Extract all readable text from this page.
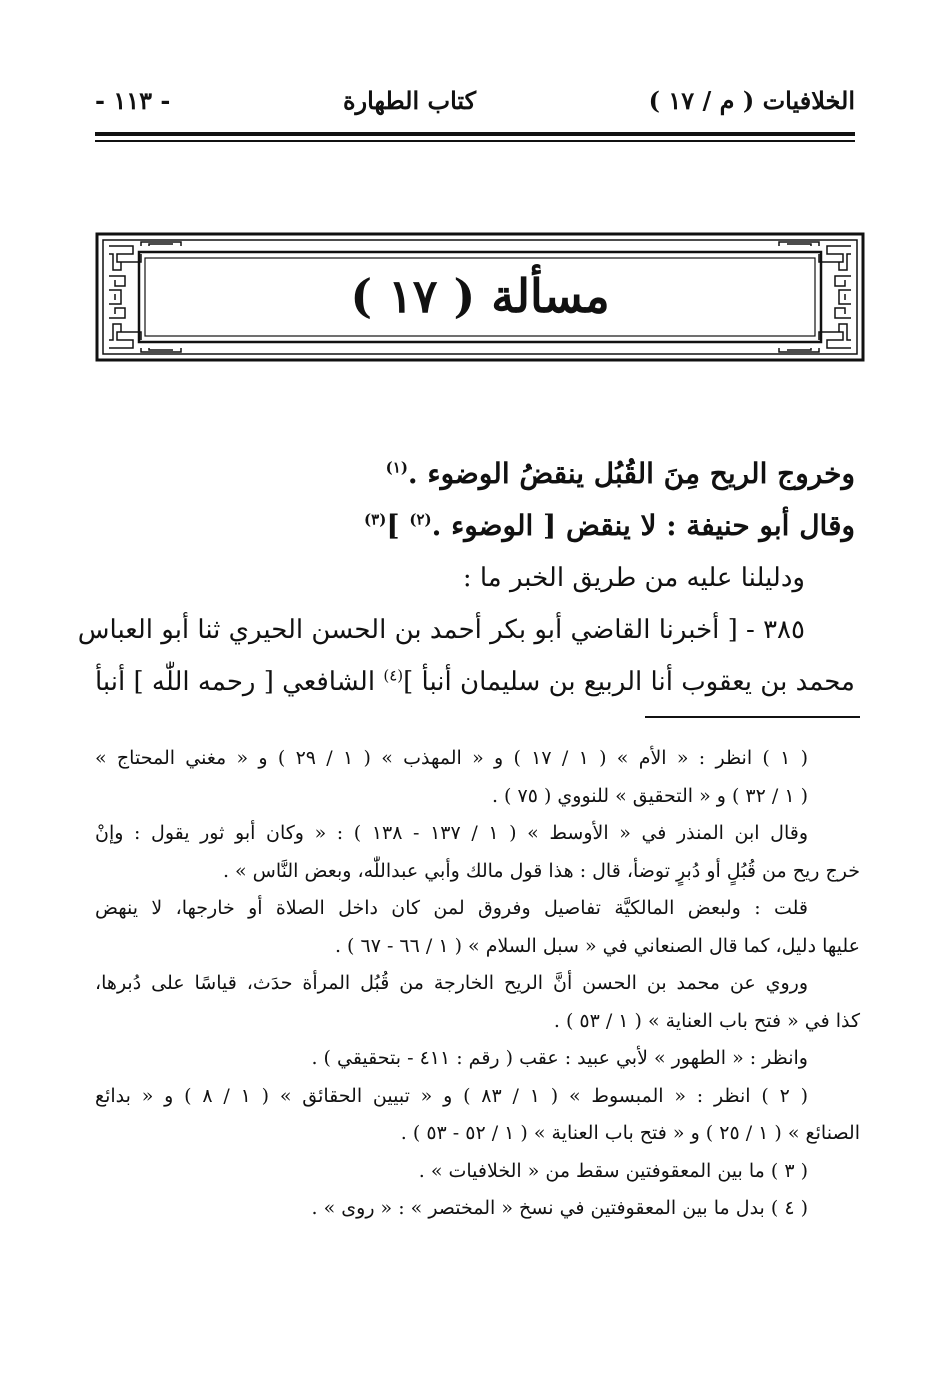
الخلافيات ( م / ١٧ )
كتاب الطهارة
- ١١٣ -
مسألة ( ١٧ )
وخروج الريح مِنَ القُبُل ينقضُ الوضوء .$^{(١)}$
وقال أبو حنيفة : لا ينقض [ الوضوء .$^{(٢)}$ ]$^{(٣)}$
ودليلنا عليه من طريق الخبر ما :
٣٨٥ - [ أخبرنا القاضي أبو بكر أحمد بن الحسن الحيري ثنا أبو العباس
محمد بن يعقوب أنا الربيع بن سليمان أنبأ ]$^{(٤)}$ الشافعي [ رحمه اللّٰه ] أنبأ
( ١ ) انظر : « الأم » ( ١ / ١٧ ) و « المهذب » ( ١ / ٢٩ ) و « مغني المحتاج »
( ١ / ٣٢ ) و « التحقيق » للنووي ( ٧٥ ) .
وقال ابن المنذر في « الأوسط » ( ١ / ١٣٧ - ١٣٨ ) : « وكان أبو ثور يقول : وإنْ
خرج ريح من قُبُلٍ أو دُبرٍ توضأ، قال : هذا قول مالك وأبي عبداللّٰه، وبعض النَّاس » .
قلت : ولبعض المالكيَّة تفاصيل وفروق لمن كان داخل الصلاة أو خارجها، لا ينهض
عليها دليل، كما قال الصنعاني في « سبل السلام » ( ١ / ٦٦ - ٦٧ ) .
وروي عن محمد بن الحسن أنَّ الريح الخارجة من قُبُل المرأة حدَث، قياسًا على دُبرها،
كذا في « فتح باب العناية » ( ١ / ٥٣ ) .
وانظر : « الطهور » لأبي عبيد : عقب ( رقم : ٤١١ - بتحقيقي ) .
( ٢ ) انظر : « المبسوط » ( ١ / ٨٣ ) و « تبيين الحقائق » ( ١ / ٨ ) و « بدائع
الصنائع » ( ١ / ٢٥ ) و « فتح باب العناية » ( ١ / ٥٢ - ٥٣ ) .
( ٣ ) ما بين المعقوفتين سقط من « الخلافيات » .
( ٤ ) بدل ما بين المعقوفتين في نسخ « المختصر » : « روى » .
